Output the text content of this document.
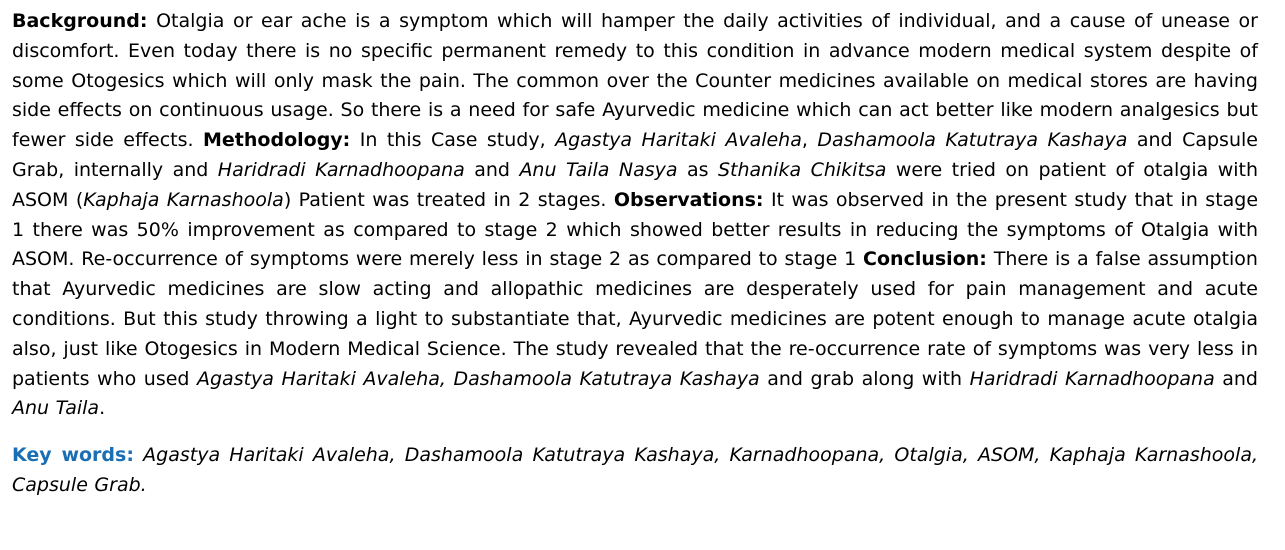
Background: Otalgia or ear ache is a symptom which will hamper the daily activities of individual, and a cause of unease or discomfort. Even today there is no specific permanent remedy to this condition in advance modern medical system despite of some Otogesics which will only mask the pain. The common over the Counter medicines available on medical stores are having side effects on continuous usage. So there is a need for safe Ayurvedic medicine which can act better like modern analgesics but fewer side effects. Methodology: In this Case study, Agastya Haritaki Avaleha, Dashamoola Katutraya Kashaya and Capsule Grab, internally and Haridradi Karnadhoopana and Anu Taila Nasya as Sthanika Chikitsa were tried on patient of otalgia with ASOM (Kaphaja Karnashoola) Patient was treated in 2 stages. Observations: It was observed in the present study that in stage 1 there was 50% improvement as compared to stage 2 which showed better results in reducing the symptoms of Otalgia with ASOM. Re-occurrence of symptoms were merely less in stage 2 as compared to stage 1 Conclusion: There is a false assumption that Ayurvedic medicines are slow acting and allopathic medicines are desperately used for pain management and acute conditions. But this study throwing a light to substantiate that, Ayurvedic medicines are potent enough to manage acute otalgia also, just like Otogesics in Modern Medical Science. The study revealed that the re-occurrence rate of symptoms was very less in patients who used Agastya Haritaki Avaleha, Dashamoola Katutraya Kashaya and grab along with Haridradi Karnadhoopana and Anu Taila.

Key words: Agastya Haritaki Avaleha, Dashamoola Katutraya Kashaya, Karnadhoopana, Otalgia, ASOM, Kaphaja Karnashoola, Capsule Grab.
